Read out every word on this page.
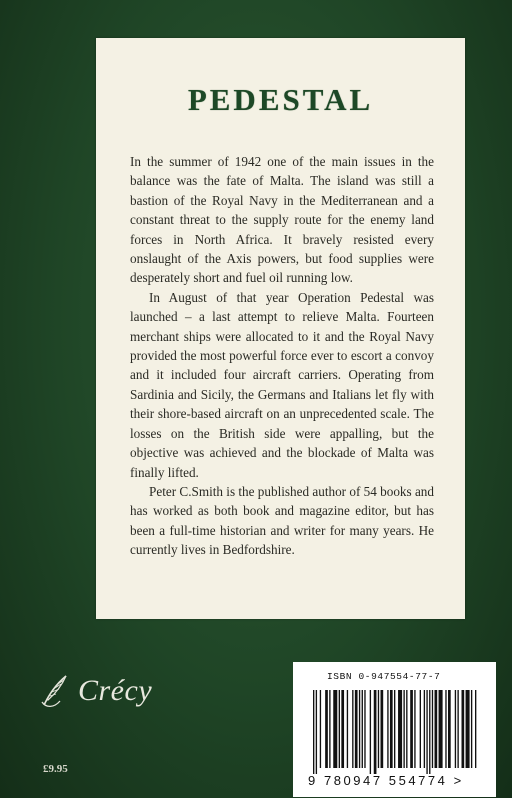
PEDESTAL

In the summer of 1942 one of the main issues in the balance was the fate of Malta. The island was still a bastion of the Royal Navy in the Mediterranean and a constant threat to the supply route for the enemy land forces in North Africa. It bravely resisted every onslaught of the Axis powers, but food supplies were desperately short and fuel oil running low.

In August of that year Operation Pedestal was launched – a last attempt to relieve Malta. Fourteen merchant ships were allocated to it and the Royal Navy provided the most powerful force ever to escort a convoy and it included four aircraft carriers. Operating from Sardinia and Sicily, the Germans and Italians let fly with their shore-based aircraft on an unprecedented scale. The losses on the British side were appalling, but the objective was achieved and the blockade of Malta was finally lifted.

Peter C.Smith is the published author of 54 books and has worked as both book and magazine editor, but has been a full-time historian and writer for many years. He currently lives in Bedfordshire.

Crécy
£9.95
ISBN 0-947554-77-7
9 780947 554774 >
